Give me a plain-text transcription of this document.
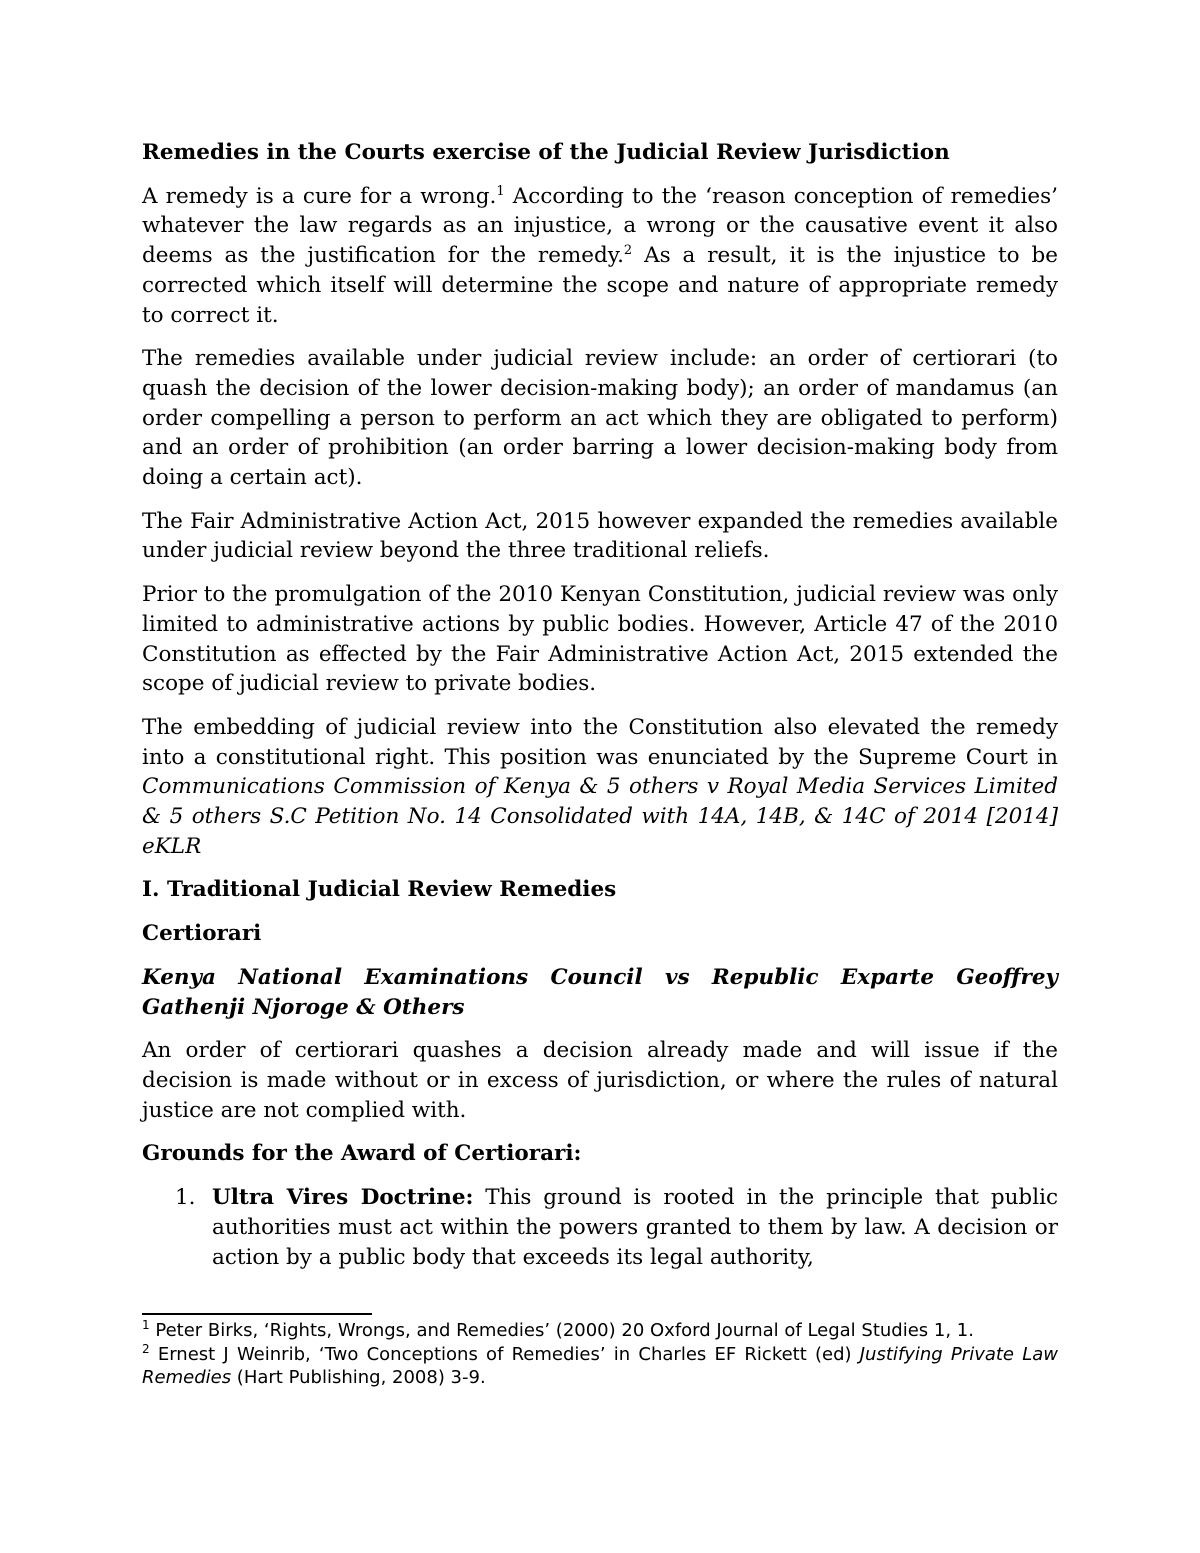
Remedies in the Courts exercise of the Judicial Review Jurisdiction

A remedy is a cure for a wrong.$^1$ According to the ‘reason conception of remedies’ whatever the law regards as an injustice, a wrong or the causative event it also deems as the justification for the remedy.$^2$ As a result, it is the injustice to be corrected which itself will determine the scope and nature of appropriate remedy to correct it.

The remedies available under judicial review include: an order of certiorari (to quash the decision of the lower decision-making body); an order of mandamus (an order compelling a person to perform an act which they are obligated to perform) and an order of prohibition (an order barring a lower decision-making body from doing a certain act).

The Fair Administrative Action Act, 2015 however expanded the remedies available under judicial review beyond the three traditional reliefs.

Prior to the promulgation of the 2010 Kenyan Constitution, judicial review was only limited to administrative actions by public bodies. However, Article 47 of the 2010 Constitution as effected by the Fair Administrative Action Act, 2015 extended the scope of judicial review to private bodies.

The embedding of judicial review into the Constitution also elevated the remedy into a constitutional right. This position was enunciated by the Supreme Court in Communications Commission of Kenya & 5 others v Royal Media Services Limited & 5 others S.C Petition No. 14 Consolidated with 14A, 14B, & 14C of 2014 [2014] eKLR

I. Traditional Judicial Review Remedies

Certiorari

Kenya National Examinations Council vs Republic Exparte Geoffrey Gathenji Njoroge & Others

An order of certiorari quashes a decision already made and will issue if the decision is made without or in excess of jurisdiction, or where the rules of natural justice are not complied with.

Grounds for the Award of Certiorari:

1. Ultra Vires Doctrine: This ground is rooted in the principle that public authorities must act within the powers granted to them by law. A decision or action by a public body that exceeds its legal authority,

$^1$ Peter Birks, ‘Rights, Wrongs, and Remedies’ (2000) 20 Oxford Journal of Legal Studies 1, 1.

$^2$ Ernest J Weinrib, ‘Two Conceptions of Remedies’ in Charles EF Rickett (ed) Justifying Private Law Remedies (Hart Publishing, 2008) 3-9.
